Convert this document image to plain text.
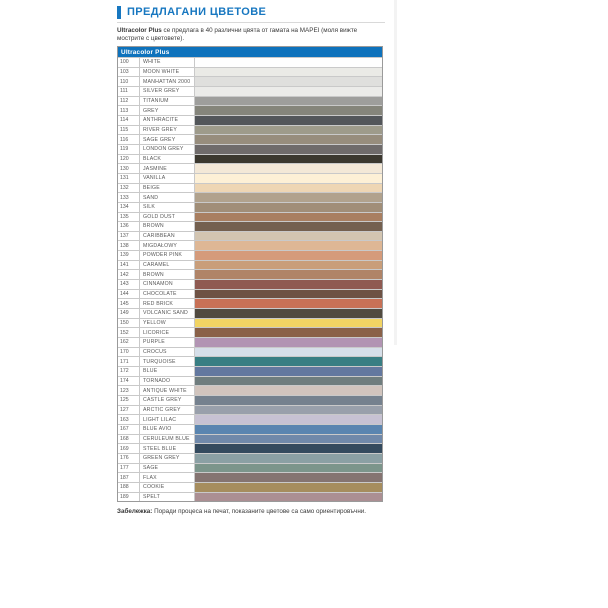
ПРЕДЛАГАНИ ЦВЕТОВЕ
Ultracolor Plus се предлага в 40 различни цвята от гамата на MAPEI (моля вижте мострите с цветовете).
Ultracolor Plus
100	WHITE
103	MOON WHITE
110	MANHATTAN 2000
111	SILVER GREY
112	TITANIUM
113	GREY
114	ANTHRACITE
115	RIVER GREY
116	SAGE GREY
119	LONDON GREY
120	BLACK
130	JASMINE
131	VANILLA
132	BEIGE
133	SAND
134	SILK
135	GOLD DUST
136	BROWN
137	CARIBBEAN
138	MIGDAŁOWY
139	POWDER PINK
141	CARAMEL
142	BROWN
143	CINNAMON
144	CHOCOLATE
145	RED BRICK
149	VOLCANIC SAND
150	YELLOW
152	LICORICE
162	PURPLE
170	CROCUS
171	TURQUOISE
172	BLUE
174	TORNADO
123	ANTIQUE WHITE
125	CASTLE GREY
127	ARCTIC GREY
163	LIGHT LILAC
167	BLUE AVIO
168	CERULEUM BLUE
169	STEEL BLUE
176	GREEN GREY
177	SAGE
187	FLAX
188	COOKIE
189	SPELT
Забележка: Поради процеса на печат, показаните цветове са само ориентировъчни.
